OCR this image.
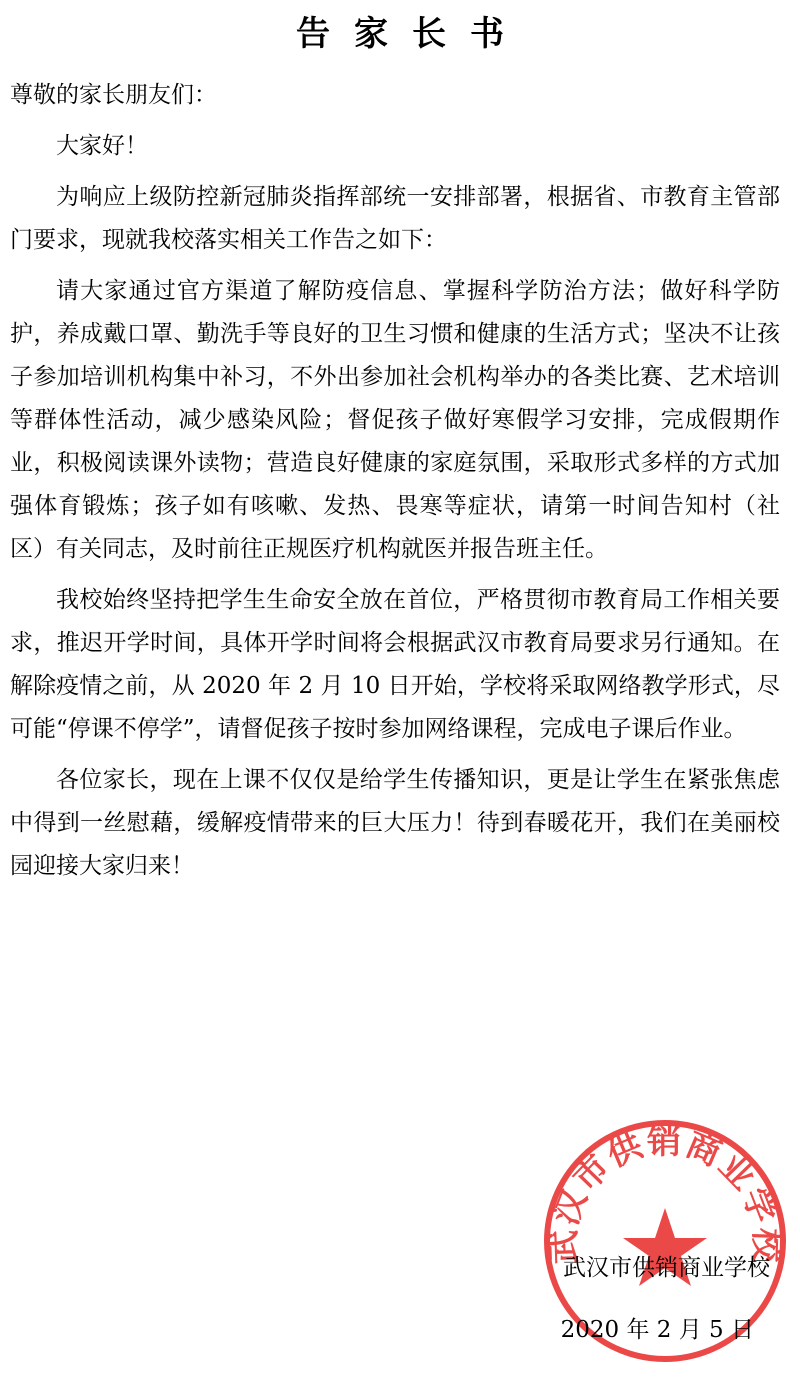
告家长书

尊敬的家长朋友们：

大家好！

为响应上级防控新冠肺炎指挥部统一安排部署，根据省、市教育主管部门要求，现就我校落实相关工作告之如下：

请大家通过官方渠道了解防疫信息、掌握科学防治方法；做好科学防护，养成戴口罩、勤洗手等良好的卫生习惯和健康的生活方式；坚决不让孩子参加培训机构集中补习，不外出参加社会机构举办的各类比赛、艺术培训等群体性活动，减少感染风险；督促孩子做好寒假学习安排，完成假期作业，积极阅读课外读物；营造良好健康的家庭氛围，采取形式多样的方式加强体育锻炼；孩子如有咳嗽、发热、畏寒等症状，请第一时间告知村（社区）有关同志，及时前往正规医疗机构就医并报告班主任。

我校始终坚持把学生生命安全放在首位，严格贯彻市教育局工作相关要求，推迟开学时间，具体开学时间将会根据武汉市教育局要求另行通知。在解除疫情之前，从 2020 年 2 月 10 日开始，学校将采取网络教学形式，尽可能“停课不停学”，请督促孩子按时参加网络课程，完成电子课后作业。

各位家长，现在上课不仅仅是给学生传播知识，更是让学生在紧张焦虑中得到一丝慰藉，缓解疫情带来的巨大压力！待到春暖花开，我们在美丽校园迎接大家归来！

武汉市供销商业学校

武汉市供销商业学校

2020 年 2 月 5 日
